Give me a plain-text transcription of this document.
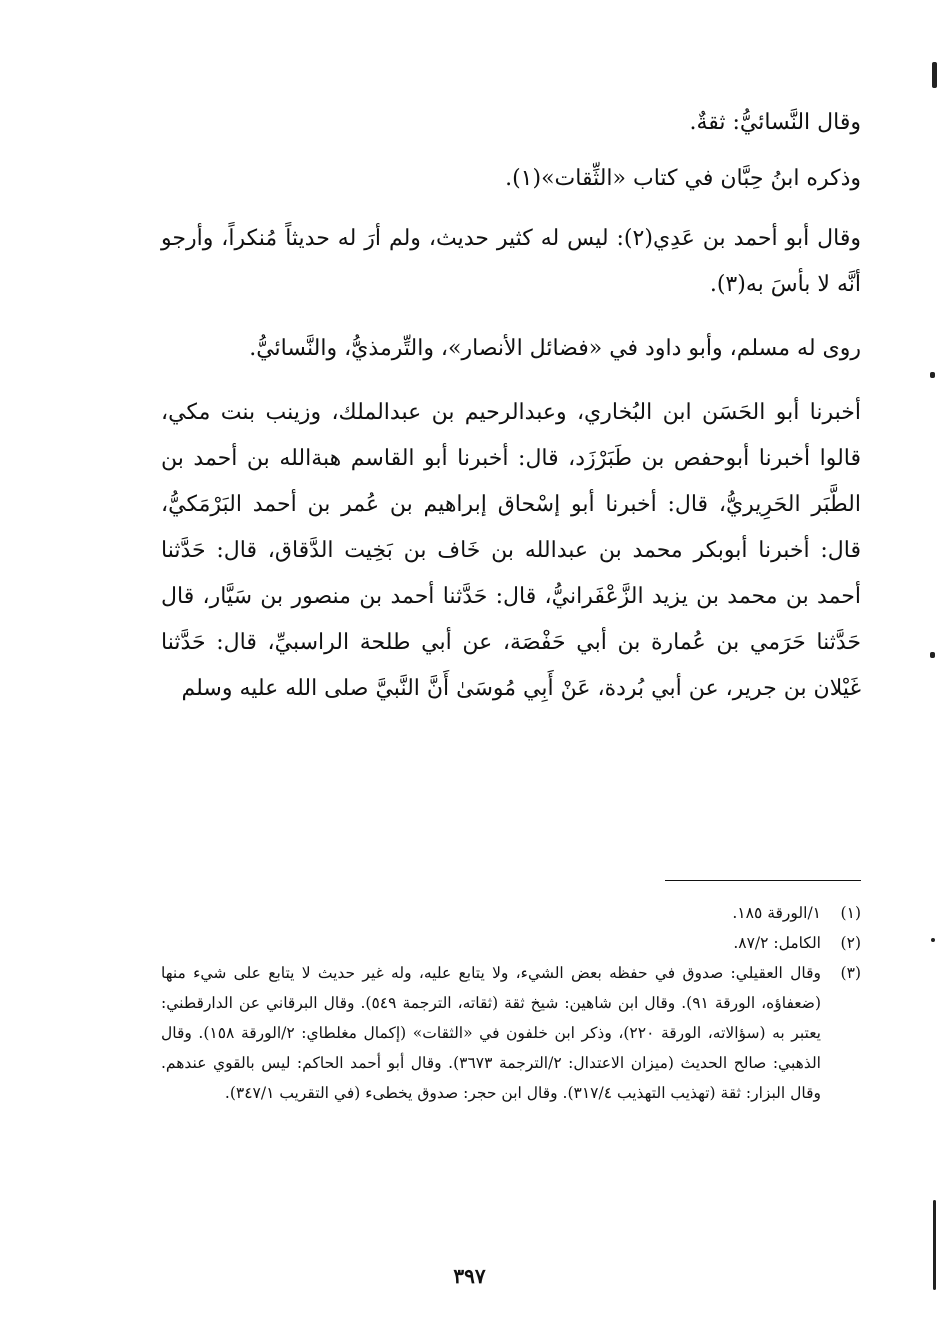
وقال النَّسائيُّ: ثقةٌ.

وذكره ابنُ حِبَّان في كتاب «الثِّقات»(١).

وقال أبو أحمد بن عَدِي(٢): ليس له كثير حديث، ولم أرَ له حديثاً مُنكراً، وأرجو أنَّه لا بأسَ به(٣).

روى له مسلم، وأبو داود في «فضائل الأنصار»، والتِّرمذيُّ، والنَّسائيُّ.

أخبرنا أبو الحَسَن ابن البُخاري، وعبدالرحيم بن عبدالملك، وزينب بنت مكي، قالوا أخبرنا أبوحفص بن طَبَرْزَد، قال: أخبرنا أبو القاسم هبةالله بن أحمد بن الطَّبَر الحَرِيريُّ، قال: أخبرنا أبو إسْحاق إبراهيم بن عُمر بن أحمد البَرْمَكيُّ، قال: أخبرنا أبوبكر محمد بن عبدالله بن خَاف بن بَخِيت الدَّقاق، قال: حَدَّثنا أحمد بن محمد بن يزيد الزَّعْفَرانيُّ، قال: حَدَّثنا أحمد بن منصور بن سَيَّار، قال حَدَّثنا حَرَمي بن عُمارة بن أبي حَفْصَة، عن أبي طلحة الراسبيِّ، قال: حَدَّثنا غَيْلان بن جرير، عن أبي بُردة، عَنْ أَبِي مُوسَىٰ أَنَّ النَّبيَّ صلى الله عليه وسلم

(١)
١/الورقة ١٨٥.
(٢)
الكامل: ٨٧/٢.
(٣)
وقال العقيلي: صدوق في حفظه بعض الشيء، ولا يتابع عليه، وله غير حديث لا يتابع على شيء منها (ضعفاؤه، الورقة ٩١). وقال ابن شاهين: شيخ ثقة (ثقاته، الترجمة ٥٤٩). وقال البرقاني عن الدارقطني: يعتبر به (سؤالاته، الورقة ٢٢٠)، وذكر ابن خلفون في «الثقات» (إكمال مغلطاي: ٢/الورقة ١٥٨). وقال الذهبي: صالح الحديث (ميزان الاعتدال: ٢/الترجمة ٣٦٧٣). وقال أبو أحمد الحاكم: ليس بالقوي عندهم. وقال البزار: ثقة (تهذيب التهذيب ٣١٧/٤). وقال ابن حجر: صدوق يخطىء (في التقريب ٣٤٧/١).
٣٩٧
